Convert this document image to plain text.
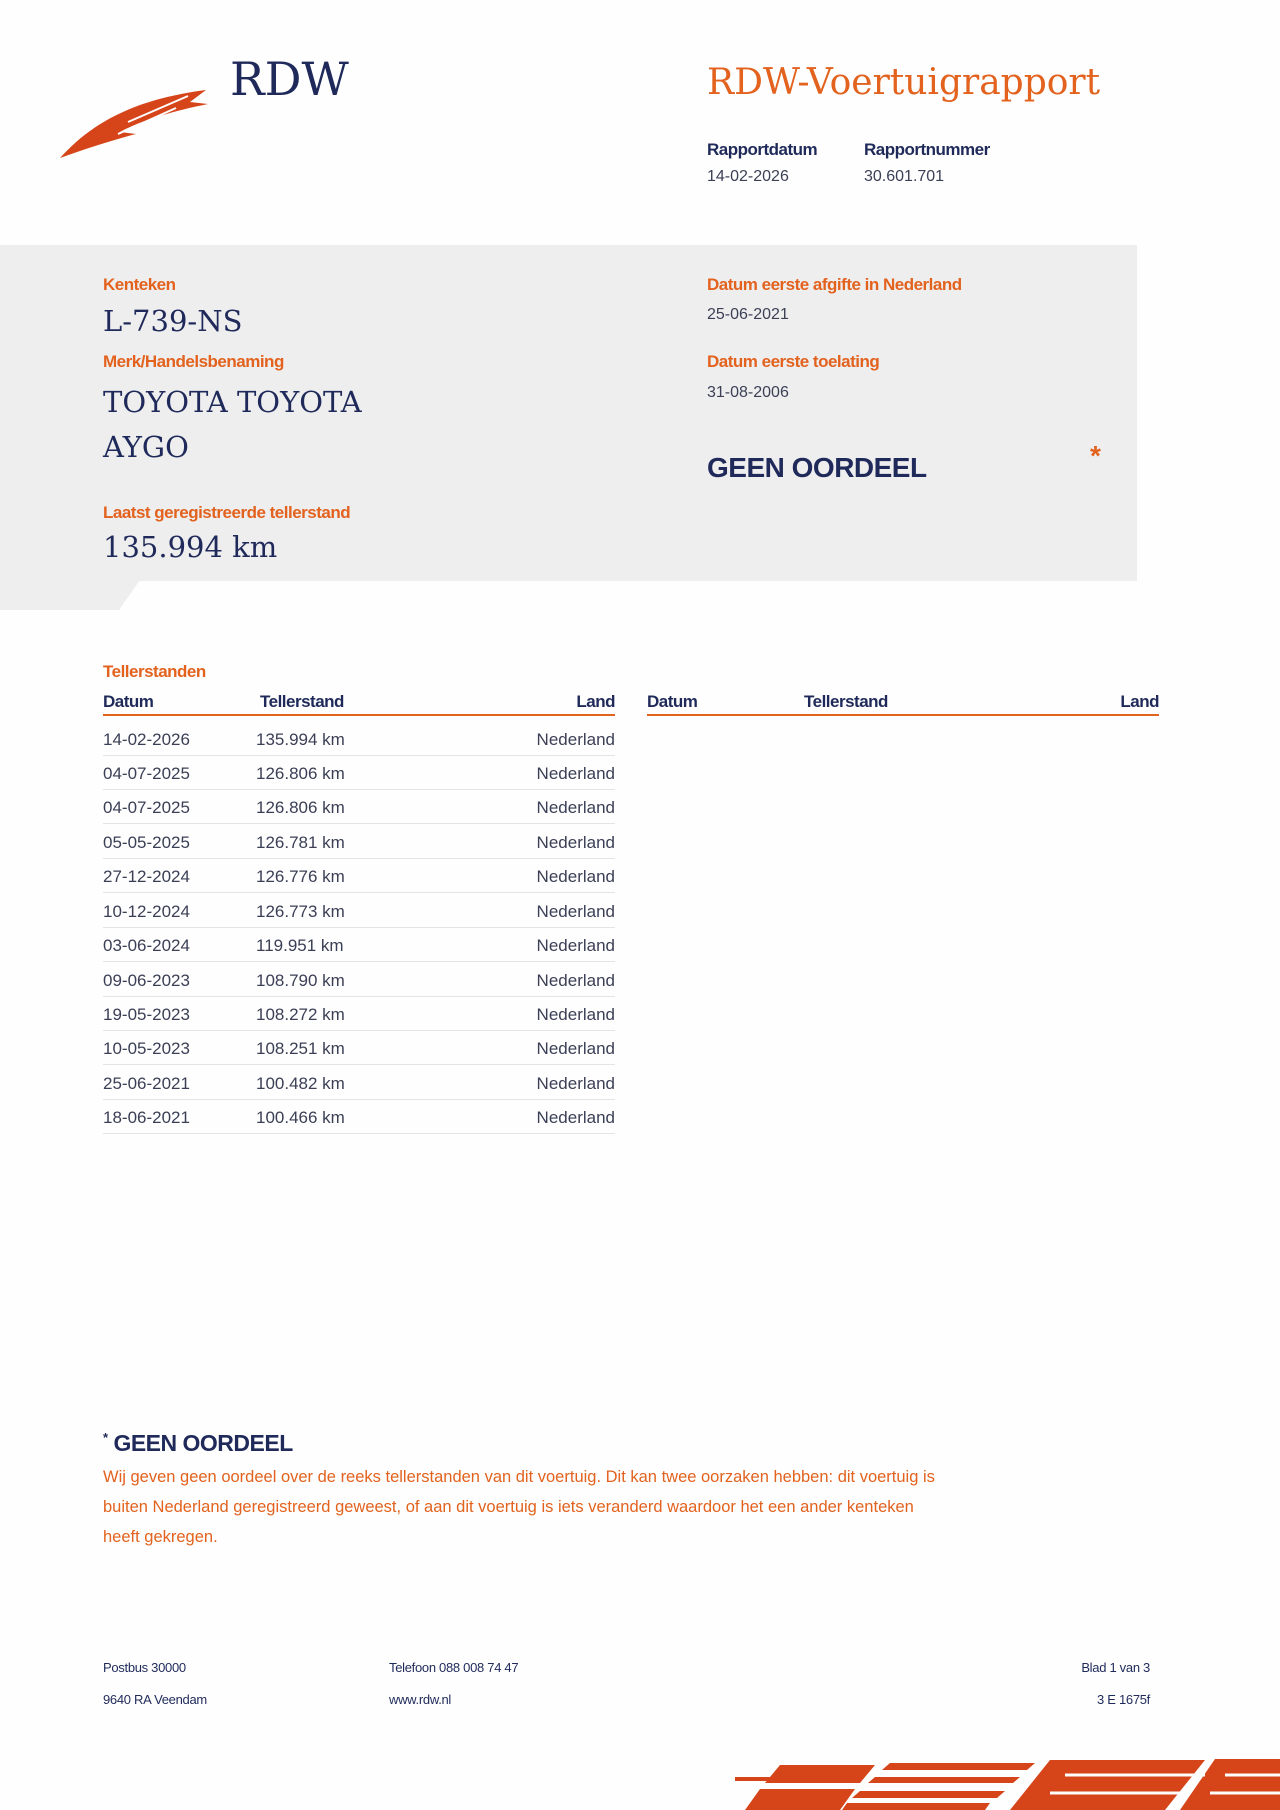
RDW	RDW-Voertuigrapport
Rapportdatum
14-02-2026
Rapportnummer
30.601.701
Kenteken
L-739-NS
Merk/Handelsbenaming
TOYOTA TOYOTA
AYGO
Laatst geregistreerde tellerstand
135.994 km
Datum eerste afgifte in Nederland
25-06-2021
Datum eerste toelating
31-08-2006
GEEN OORDEEL	*
Tellerstanden
Datum	Tellerstand	Land Datum	Tellerstand	Land
14-02-2026	135.994 km	Nederland
04-07-2025	126.806 km	Nederland
04-07-2025	126.806 km	Nederland
05-05-2025	126.781 km	Nederland
27-12-2024	126.776 km	Nederland
10-12-2024	126.773 km	Nederland
03-06-2024	119.951 km	Nederland
09-06-2023	108.790 km	Nederland
19-05-2023	108.272 km	Nederland
10-05-2023	108.251 km	Nederland
25-06-2021	100.482 km	Nederland
18-06-2021	100.466 km	Nederland
* GEEN OORDEEL
Wij geven geen oordeel over de reeks tellerstanden van dit voertuig. Dit kan twee oorzaken hebben: dit voertuig is
buiten Nederland geregistreerd geweest, of aan dit voertuig is iets veranderd waardoor het een ander kenteken
heeft gekregen.
Postbus 30000
9640 RA Veendam
Telefoon 088 008 74 47
www.rdw.nl
Blad 1 van 3
3 E 1675f
